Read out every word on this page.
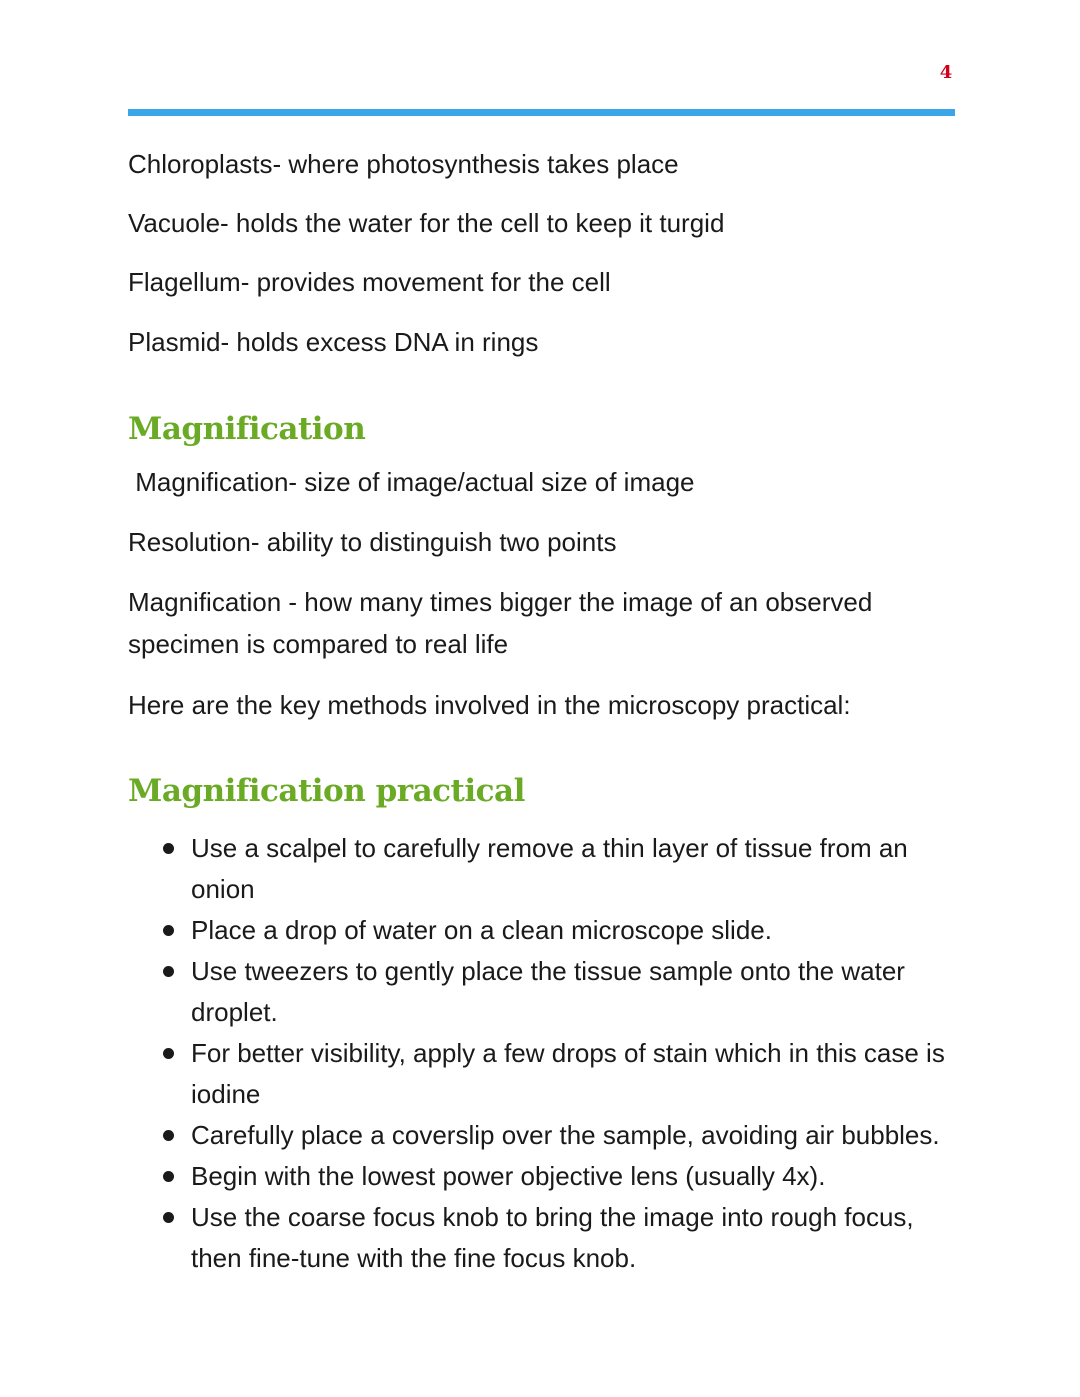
4
Chloroplasts- where photosynthesis takes place
Vacuole- holds the water for the cell to keep it turgid
Flagellum- provides movement for the cell
Plasmid- holds excess DNA in rings
Magnification
Magnification- size of image/actual size of image
Resolution- ability to distinguish two points
Magnification - how many times bigger the image of an observed specimen is compared to real life
Here are the key methods involved in the microscopy practical:
Magnification practical
Use a scalpel to carefully remove a thin layer of tissue from an onion
Place a drop of water on a clean microscope slide.
Use tweezers to gently place the tissue sample onto the water droplet.
For better visibility, apply a few drops of stain which in this case is iodine
Carefully place a coverslip over the sample, avoiding air bubbles.
Begin with the lowest power objective lens (usually 4x).
Use the coarse focus knob to bring the image into rough focus, then fine-tune with the fine focus knob.
